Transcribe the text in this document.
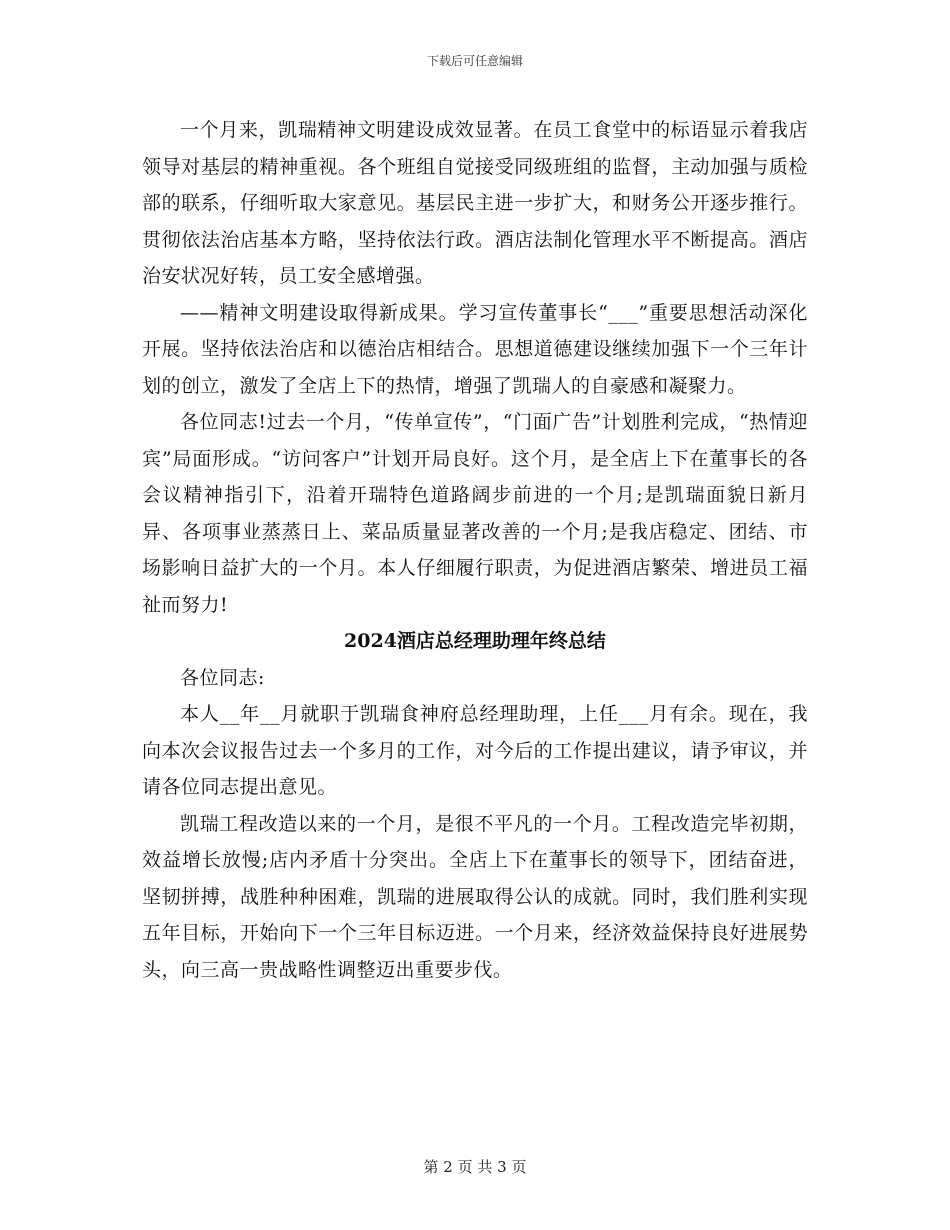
下载后可任意编辑

一个月来，凯瑞精神文明建设成效显著。在员工食堂中的标语显示着我店领导对基层的精神重视。各个班组自觉接受同级班组的监督，主动加强与质检部的联系，仔细听取大家意见。基层民主进一步扩大，和财务公开逐步推行。贯彻依法治店基本方略，坚持依法行政。酒店法制化管理水平不断提高。酒店治安状况好转，员工安全感增强。

——精神文明建设取得新成果。学习宣传董事长“___”重要思想活动深化开展。坚持依法治店和以德治店相结合。思想道德建设继续加强下一个三年计划的创立，激发了全店上下的热情，增强了凯瑞人的自豪感和凝聚力。

各位同志!过去一个月，“传单宣传”，“门面广告”计划胜利完成，“热情迎宾”局面形成。“访问客户”计划开局良好。这个月，是全店上下在董事长的各会议精神指引下，沿着开瑞特色道路阔步前进的一个月;是凯瑞面貌日新月异、各项事业蒸蒸日上、菜品质量显著改善的一个月;是我店稳定、团结、市场影响日益扩大的一个月。本人仔细履行职责，为促进酒店繁荣、增进员工福祉而努力!

2024酒店总经理助理年终总结

各位同志:

本人__年__月就职于凯瑞食神府总经理助理，上任___月有余。现在，我向本次会议报告过去一个多月的工作，对今后的工作提出建议，请予审议，并请各位同志提出意见。

凯瑞工程改造以来的一个月，是很不平凡的一个月。工程改造完毕初期，效益增长放慢;店内矛盾十分突出。全店上下在董事长的领导下，团结奋进，坚韧拼搏，战胜种种困难，凯瑞的进展取得公认的成就。同时，我们胜利实现五年目标，开始向下一个三年目标迈进。一个月来，经济效益保持良好进展势头，向三高一贵战略性调整迈出重要步伐。

第 2 页 共 3 页
